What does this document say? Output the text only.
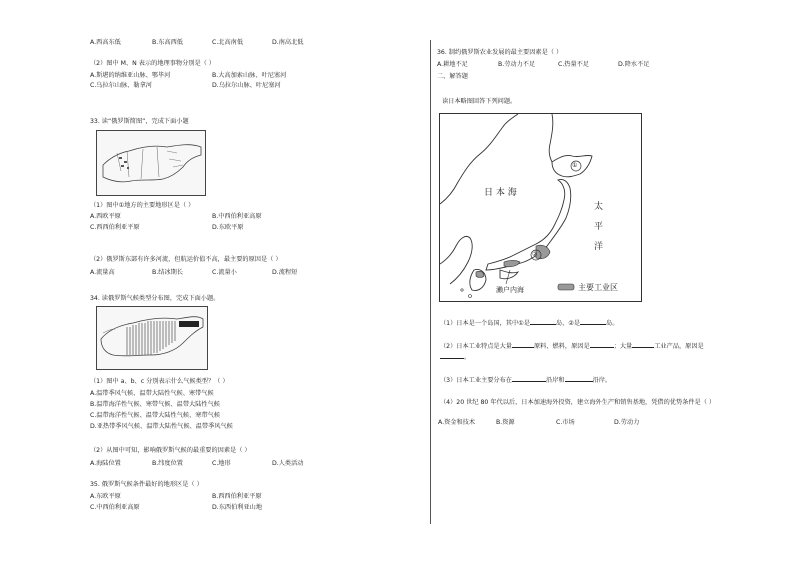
A.西高东低	B.东高西低	C.北高南低	D.南高北低
（2）图中 M、N 表示的地理事物分别是（ ）
A.斯堪的纳维亚山脉、鄂毕河	B.大高加索山脉、叶尼塞河
C.乌拉尔山脉、勒拿河	D.乌拉尔山脉、叶尼塞河
33. 读“俄罗斯简图”，完成下面小题
（1）图中①地方的主要地形区是（ ）
A.西欧平原	B.中西伯利亚高原
C.西西伯利亚平原	D.东欧平原
（2）俄罗斯东部有许多河流，但航运价值不高，最主要的原因是（ ）
A.流量高	B.结冰期长	C.流量小	D.流程短
34. 读俄罗斯气候类型分布图，完成下面小题。
（1）图中 a、b、c 分别表示什么气候类型？（ ）
A.温带季风气候、温带大陆性气候、寒带气候
B.温带海洋性气候、寒带气候、温带大陆性气候
C.温带海洋性气候、温带大陆性气候、寒带气候
D.亚热带季风气候、温带大陆性气候、温带季风气候
（2）从图中可知，影响俄罗斯气候的最重要的因素是（ ）
A.海陆位置	B.纬度位置	C.地形	D.人类活动
35. 俄罗斯气候条件最好的地形区是（ ）
A.东欧平原	B.西西伯利亚平原
C.中西伯利亚高原	D.东西伯利亚山地
36. 制约俄罗斯农业发展的最主要因素是（ ）
A.耕地不足	B.劳动力不足	C.热量不足	D.降水不足
二、解答题
读日本略图回答下列问题。
日 本 海
太
平
洋
①
②
濑户内海	主要工业区
（1）日本是一个岛国，其中①是	岛，②是	岛。
（2）日本工业特点是大量	原料、燃料，原因是	；大量	工业产品，原因是
。
（3）日本工业主要分布在	沿岸和	沿岸。
（4）20 世纪 80 年代以后，日本加速海外投资，建立海外生产和销售基地，凭借的优势条件是（ ）
A.资金和技术	B.资源	C.市场	D.劳动力
